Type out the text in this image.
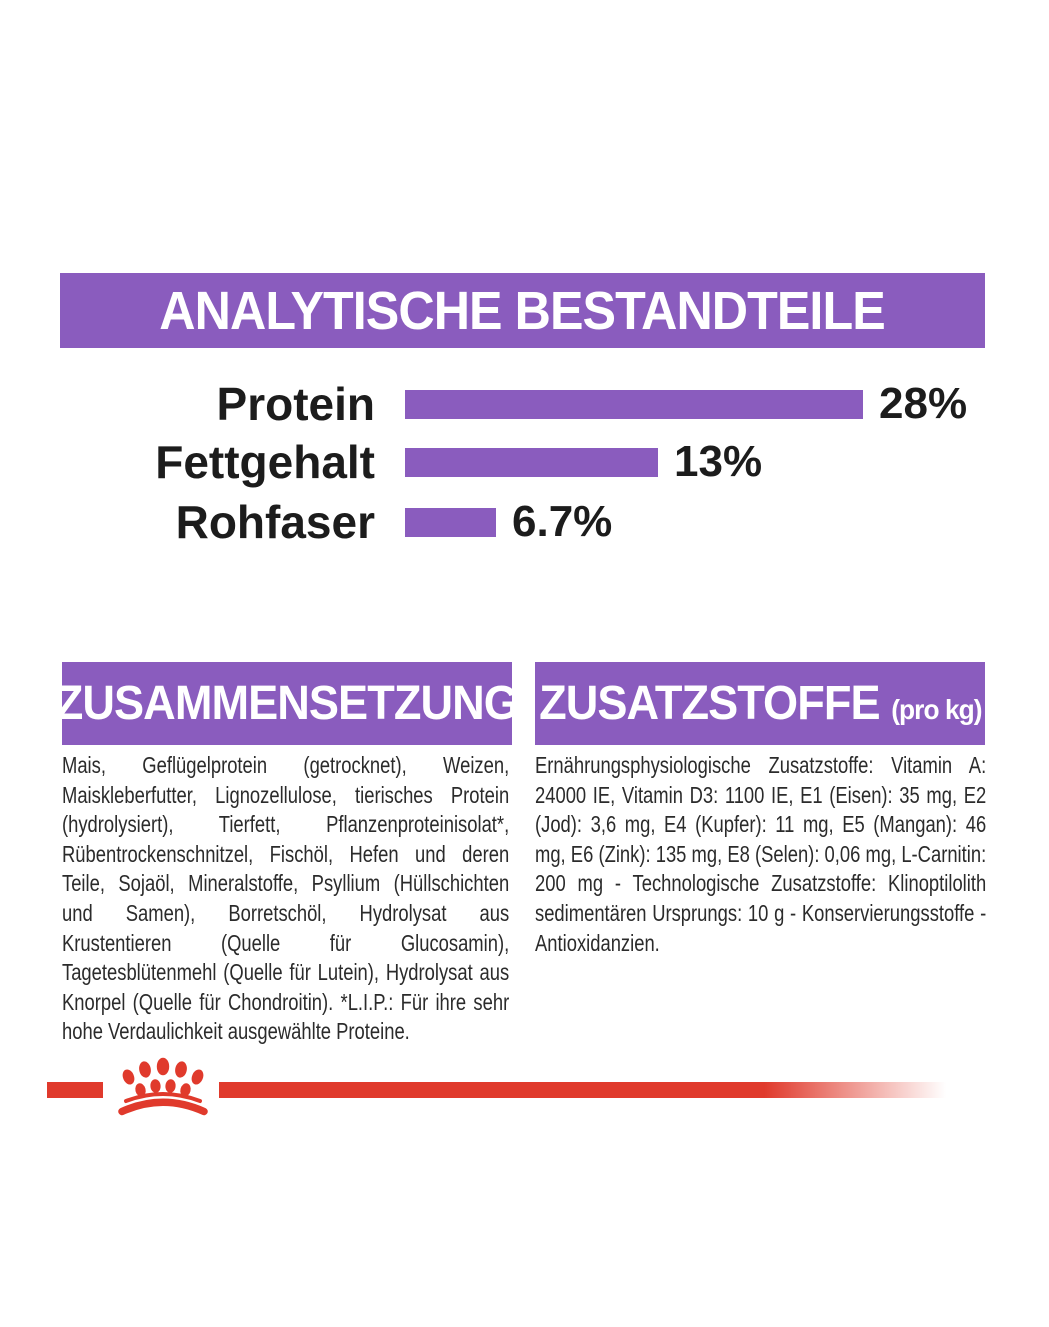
ANALYTISCHE BESTANDTEILE
Protein	28%
Fettgehalt	13%
Rohfaser	6.7%
ZUSAMMENSETZUNG ZUSATZSTOFFE (pro kg)
Mais, Geflügelprotein (getrocknet), Weizen, Maiskleberfutter, Lignozellulose, tierisches Protein (hydrolysiert), Tierfett, Pflanzenproteinisolat*, Rübentrockenschnitzel, Fischöl, Hefen und deren Teile, Sojaöl, Mineralstoffe, Psyllium (Hüllschichten und Samen), Borretschöl, Hydrolysat aus Krustentieren (Quelle für Glucosamin), Tagetesblütenmehl (Quelle für Lutein), Hydrolysat aus Knorpel (Quelle für Chondroitin). *L.I.P.: Für ihre sehr hohe Verdaulichkeit ausgewählte Proteine.
Ernährungsphysiologische Zusatzstoffe: Vitamin A: 24000 IE, Vitamin D3: 1100 IE, E1 (Eisen): 35 mg, E2 (Jod): 3,6 mg, E4 (Kupfer): 11 mg, E5 (Mangan): 46 mg, E6 (Zink): 135 mg, E8 (Selen): 0,06 mg, L-Carnitin: 200 mg - Technologische Zusatzstoffe: Klinoptilolith sedimentären Ursprungs: 10 g - Konservierungsstoffe - Antioxidanzien.
